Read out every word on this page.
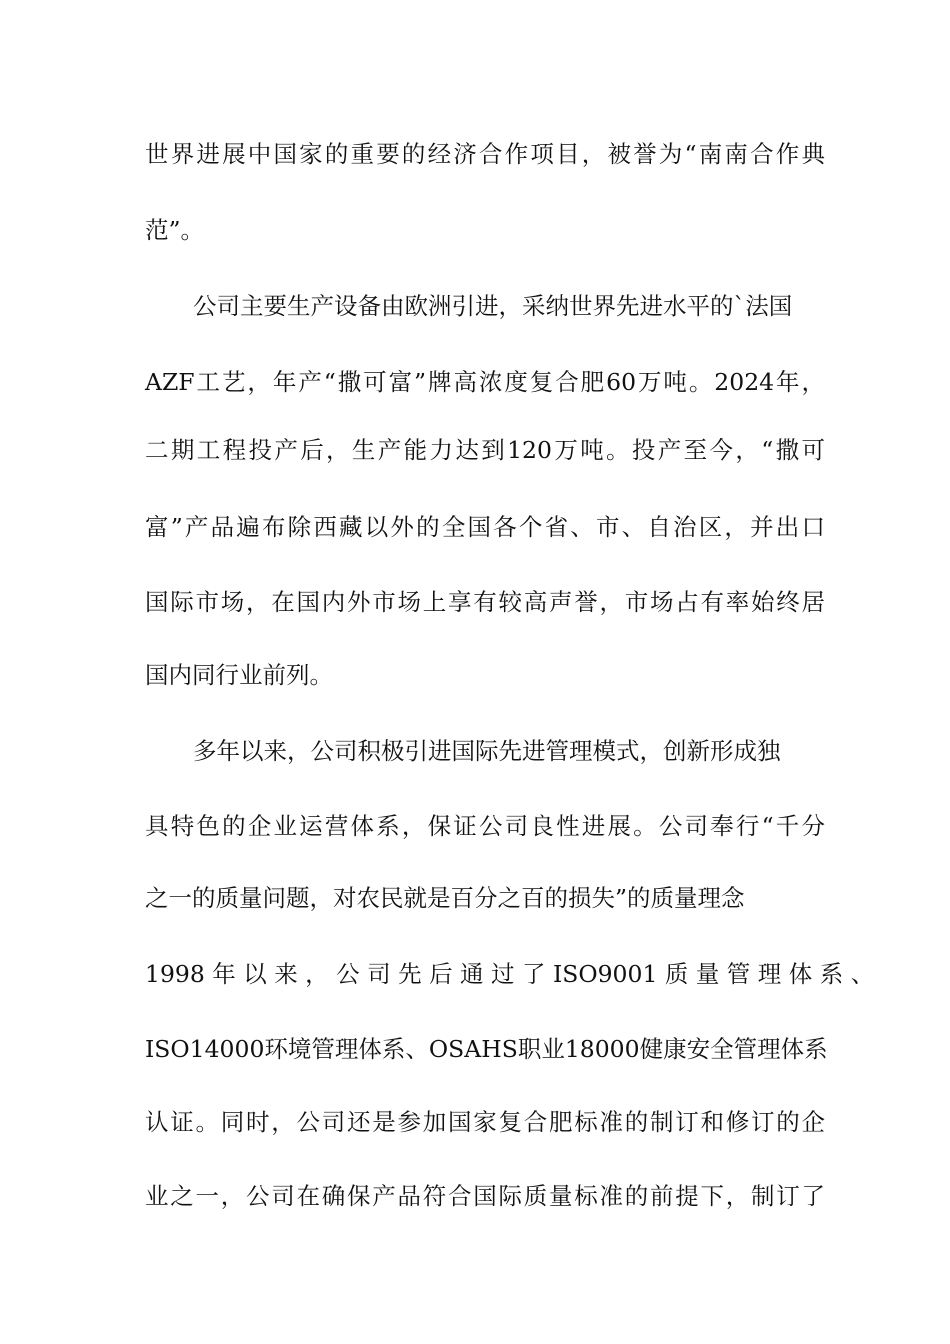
世界进展中国家的重要的经济合作项目，被誉为“南南合作典
范”。
公司主要生产设备由欧洲引进，采纳世界先进水平的`法国
AZF工艺，年产“撒可富”牌高浓度复合肥60万吨。2024年，
二期工程投产后，生产能力达到120万吨。投产至今，“撒可
富”产品遍布除西藏以外的全国各个省、市、自治区，并出口
国际市场，在国内外市场上享有较高声誉，市场占有率始终居
国内同行业前列。
多年以来，公司积极引进国际先进管理模式，创新形成独
具特色的企业运营体系，保证公司良性进展。公司奉行“千分
之一的质量问题，对农民就是百分之百的损失”的质量理念
1998 年 以 来 ， 公 司 先 后 通 过 了 ISO9001 质 量 管 理 体 系 、
ISO14000环境管理体系、OSAHS职业18000健康安全管理体系
认证。同时，公司还是参加国家复合肥标准的制订和修订的企
业之一，公司在确保产品符合国际质量标准的前提下，制订了
